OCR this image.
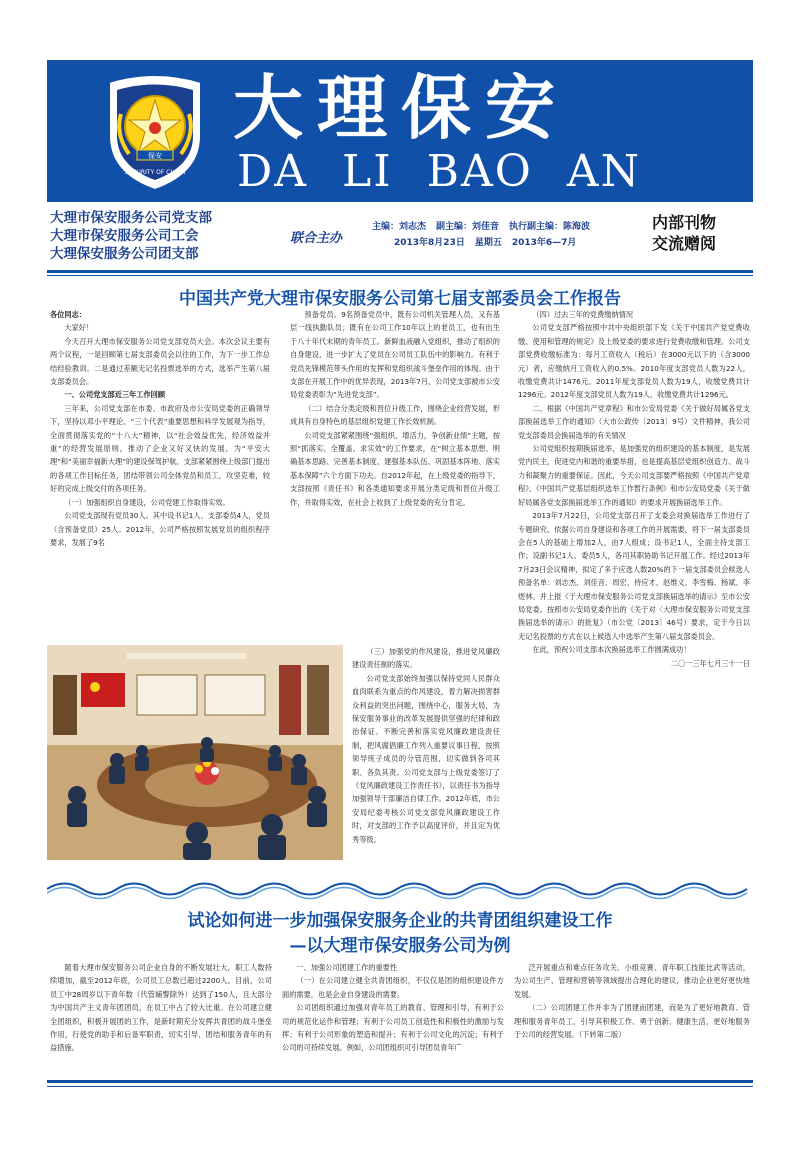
保安
SECURITY OF CHINA
大理保安
DA LI BAO AN
大理市保安服务公司党支部
大理市保安服务公司工会
大理保安服务公司团支部
联合主办
主编：刘志杰 副主编：刘佳音 执行副主编：陈海波
2013年8月23日 星期五 2013年6—7月
内部刊物
交流赠阅
中国共产党大理市保安服务公司第七届支部委员会工作报告

各位同志：

大家好！

今天召开大理市保安服务公司党支部党员大会。本次会议主要有两个议程，一是回顾第七届支部委员会以往的工作，为下一步工作总结经验教训。二是通过差额无记名投票选举的方式，选举产生第八届支部委员会。

一、公司党支部近三年工作回顾

三年来，公司党支部在市委、市政府及市公安局党委的正确领导下，坚持以邓小平理论、“三个代表”重要思想和科学发展观为指导，全面贯彻落实党的“十八大”精神，以“社会效益优先，经济效益并重”的经营发展原则，推动了企业又好又快的发展，为“平安大理”和“美丽幸福新大理”的建设保驾护航。支部紧紧围绕上级部门提出的各项工作目标任务，团结带领公司全体党员和员工，攻坚克难，较好的完成上级交付的各项任务。

（一）加强组织自身建设，公司党建工作取得实效。

公司党支部现有党员30人。其中设书记1人、支部委员4人，党员（含预备党员）25人。2012年，公司严格按照发展党员的组织程序要求，发展了9名

预备党员。9名预备党员中，既有公司机关管理人员，又有基层一线执勤队员；既有在公司工作10年以上的老员工，也有出生于八十年代末期的青年员工。新鲜血液融入党组织，推动了组织的自身建设，进一步扩大了党员在公司员工队伍中的影响力。有利于党员先锋模范带头作用的发挥和党组织战斗堡垒作用的体现。由于支部在开展工作中的优异表现，2013年7月，公司党支部被市公安局党委表彰为“先进党支部”。

（二）结合分类定级和晋位升级工作，围绕企业经营发展，形成具有自身特色的基层组织党建工作长效机制。

公司党支部紧紧围绕“强组织、增活力，争创新业绩”主题，按照“抓落实、全覆盖、求实效”的工作要求，在“树立基本思想、明确基本思路、完善基本制度、建强基本队伍、巩固基本阵地、落实基本保障”六个方面下功夫。自2012年起，在上级党委的指导下，支部按照《责任书》和各类通知要求开展分类定级和晋位升级工作，并取得实效，在社会上收到了上级党委的充分肯定。

（四）过去三年的党费缴纳情况

公司党支部严格按照中共中央组织部下发《关于中国共产党党费收缴、使用和管理的规定》及上级党委的要求进行党费收缴和管理。公司支部党费收缴标准为：每月工资收入（税后）在3000元以下的（含3000元）者，应缴纳月工资收入的0.5%。2010年度支部党员人数为22人，收缴党费共计1476元。2011年度支部党员人数为19人，收缴党费共计1296元。2012年度支部党员人数为19人，收缴党费共计1296元。

二、根据《中国共产党章程》和市公安局党委《关于做好局属各党支部换届选举工作的通知》（大市公政传〔2013〕9号）文件精神，我公司党支部委员会换届选举的有关情况

公司党组织按期换届选举，是加强党的组织建设的基本制度，是发展党内民主，促进党内和谐的重要举措，也是提高基层党组织创造力、战斗力和凝聚力的重要保证。因此，今天公司支部要严格按照《中国共产党章程》、《中国共产党基层组织选举工作暂行条例》和市公安局党委《关于做好局属各党支部换届选举工作的通知》的要求开展换届选举工作。

2013年7月22日，公司党支部召开了支委会对换届选举工作进行了专题研究。依据公司自身建设和各项工作的开展需要，将下一届支部委员会在5人的基础上增加2人，由7人组成；设书记1人，全面主持支部工作；设副书记1人、委员5人，各司其职协助书记开展工作。经过2013年7月23日会议精神，拟定了多于应选人数20%的下一届支部委员会候选人预备名单：刘志杰、刘佳音、周宏、侍应才、赵维义、李雪梅、杨斌、李煜林。并上报《于大理市保安服务公司党支部换届选举的请示》至市公安局党委。按照市公安局党委作出的《关于对〈大理市保安服务公司党支部换届选举的请示〉的批复》（市公党〔2013〕46号）要求，定于今日以无记名投票的方式在以上候选人中选举产生第八届支部委员会。

在此，预祝公司支部本次换届选举工作圆满成功！

二〇一三年七月三十一日

（三）加强党的作风建设，推进党风廉政建设责任制的落实。

公司党支部始终加强以保持党同人民群众血肉联系为重点的作风建设，着力解决损害群众利益的突出问题，围绕中心，服务大局，为保安服务事业的改革发展提供坚强的纪律和政治保证。不断完善和落实党风廉政建设责任制，把风腐倡廉工作列入重要议事日程，按照领导班子成员的分管范围，切实做到各司其职、各负其责。公司党支部与上级党委签订了《党风廉政建设工作责任书》，以责任书为指导加强领导干部廉洁自律工作。2012年底，市公安局纪委考核公司党支部党风廉政建设工作时，对支部的工作予以高度评价，并且定为优秀等级。

试论如何进一步加强保安服务企业的共青团组织建设工作
—以大理市保安服务公司为例

随着大理市保安服务公司企业自身的不断发展壮大，职工人数持续增加，截至2012年底，公司员工总数已超过2200人。目前，公司员工中28周岁以下青年数（代管辅警除外）达到了150人，且大部分为中国共产主义青年团团员，在员工中占了较大比重。在公司建立健全团组织，积极开展团的工作，是新时期充分发挥共青团的战斗堡垒作用，行使党的助手和后备军职责，切实引导、团结和服务青年的有益措施。

一、加强公司团建工作的重要性

（一）在公司建立健全共青团组织，不仅仅是团的组织建设件方面的需要，也是企业自身建设的需要。

公司团组织通过加强对青年员工的教育、管理和引导，有利于公司的规范化运作和管理；有利于公司员工创造性和积极性的激励与发挥；有利于公司形象的塑造和提升；有利于公司文化的沉淀；有利于公司的可持续发展。例如，公司团组织可引导团员青年广

泛开展重点和难点任务攻关、小组竞赛、青年职工技能比武等活动，为公司生产、管理和营销等领域提出合理化的建议，推动企业更好更快地发展。

（二）公司团建工作并非为了团建而团建，而是为了更好地教育、管理和服务青年员工，引导其积极工作、勇于创新、健康生活，更好地服务于公司的经营发展。（下转第二版）
